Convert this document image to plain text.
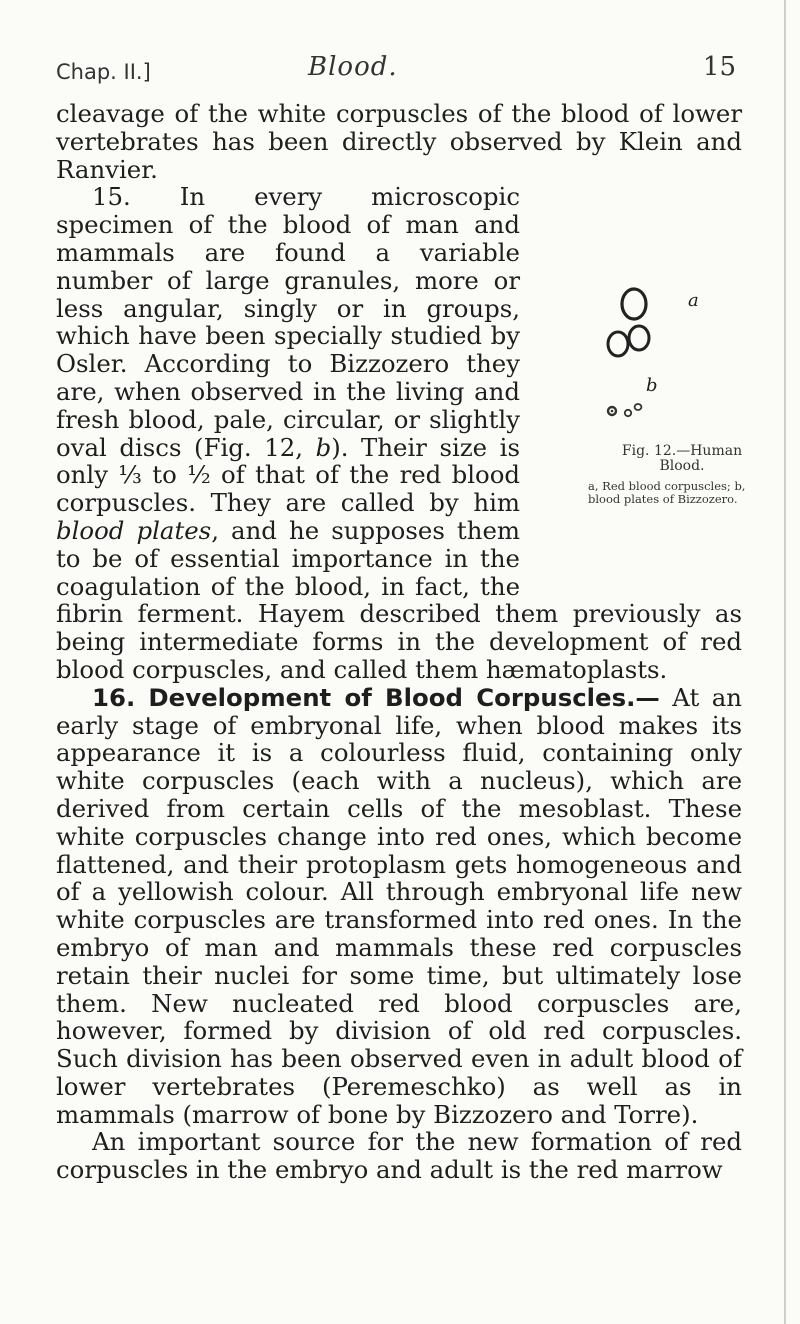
Chap. II.]	Blood.	15
a
b
Fig. 12.—Human Blood.
a, Red blood corpuscles; b, blood plates of Bizzozero.

cleavage of the white corpuscles of the blood of lower vertebrates has been directly observed by Klein and Ranvier.

15. In every microscopic specimen of the blood of man and mammals are found a variable number of large granules, more or less angular, singly or in groups, which have been specially studied by Osler. According to Bizzozero they are, when observed in the living and fresh blood, pale, circular, or slightly oval discs (Fig. 12, b). Their size is only ⅓ to ½ of that of the red blood corpuscles. They are called by him blood plates, and he supposes them to be of essential importance in the coagulation of the blood, in fact, the fibrin ferment. Hayem described them previously as being intermediate forms in the development of red blood corpuscles, and called them hæmatoplasts.

16. Development of Blood Corpuscles.— At an early stage of embryonal life, when blood makes its appearance it is a colourless fluid, containing only white corpuscles (each with a nucleus), which are derived from certain cells of the mesoblast. These white corpuscles change into red ones, which become flattened, and their protoplasm gets homogeneous and of a yellowish colour. All through embryonal life new white corpuscles are transformed into red ones. In the embryo of man and mammals these red corpuscles retain their nuclei for some time, but ultimately lose them. New nucleated red blood corpuscles are, however, formed by division of old red corpuscles. Such division has been observed even in adult blood of lower vertebrates (Peremeschko) as well as in mammals (marrow of bone by Bizzozero and Torre).

An important source for the new formation of red corpuscles in the embryo and adult is the red marrow
